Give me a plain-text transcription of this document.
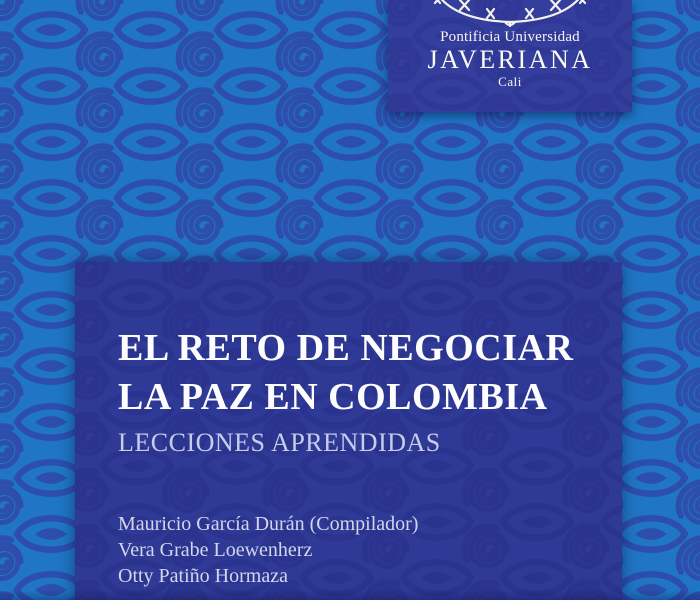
Pontificia Universidad
JAVERIANA
Cali
EL RETO DE NEGOCIAR
LA PAZ EN COLOMBIA
LECCIONES APRENDIDAS
Mauricio García Durán (Compilador)
Vera Grabe Loewenherz
Otty Patiño Hormaza
